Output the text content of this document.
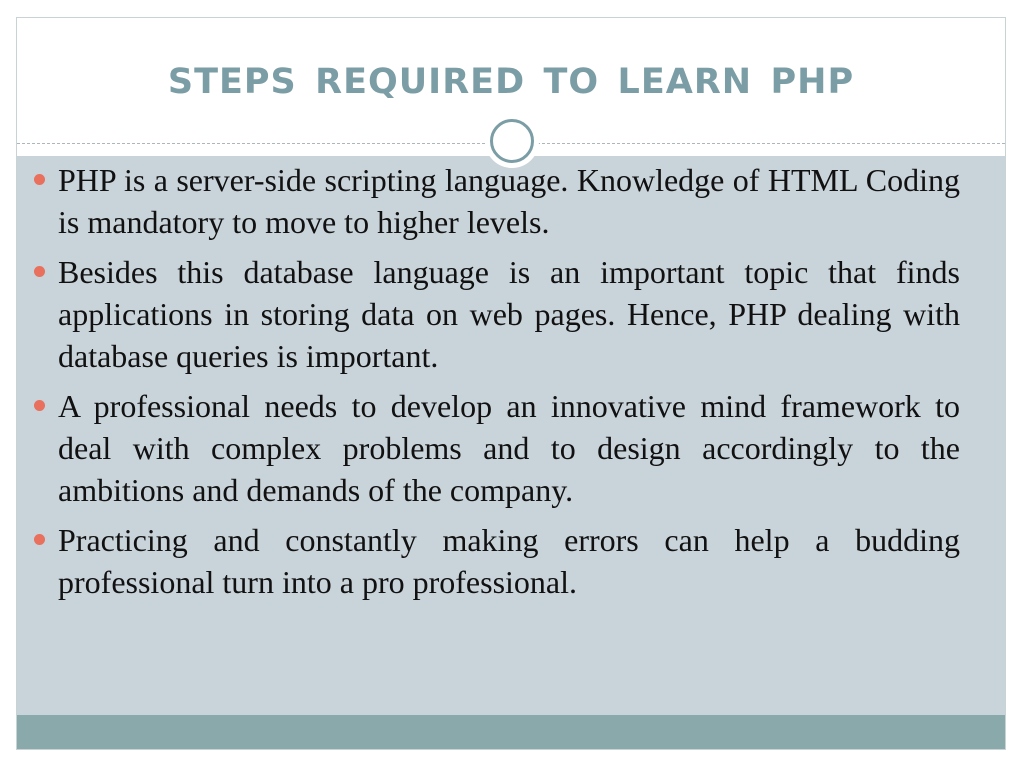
steps required to learn php
PHP is a server-side scripting language. Knowledge of HTML Coding is mandatory to move to higher levels.
Besides this database language is an important topic that finds applications in storing data on web pages. Hence, PHP dealing with database queries is important.
A professional needs to develop an innovative mind framework to deal with complex problems and to design accordingly to the ambitions and demands of the company.
Practicing and constantly making errors can help a budding professional turn into a pro professional.
